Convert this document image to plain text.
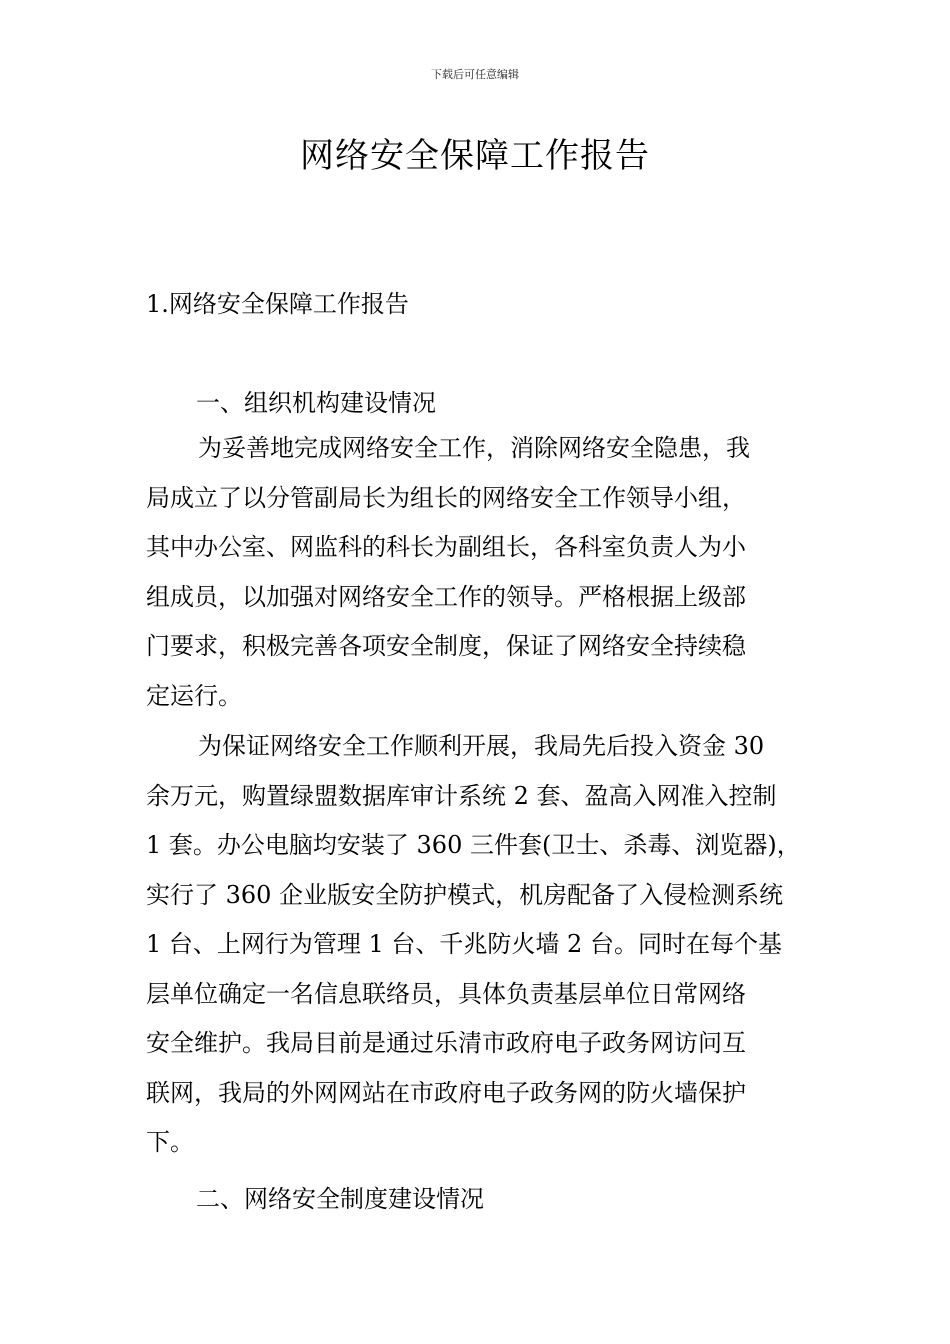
下载后可任意编辑
网络安全保障工作报告
1.网络安全保障工作报告
一、组织机构建设情况
为妥善地完成网络安全工作，消除网络安全隐患，我
局成立了以分管副局长为组长的网络安全工作领导小组，
其中办公室、网监科的科长为副组长，各科室负责人为小
组成员，以加强对网络安全工作的领导。严格根据上级部
门要求，积极完善各项安全制度，保证了网络安全持续稳
定运行。
为保证网络安全工作顺利开展，我局先后投入资金 30
余万元，购置绿盟数据库审计系统 2 套、盈高入网准入控制
1 套。办公电脑均安装了 360 三件套(卫士、杀毒、浏览器)，
实行了 360 企业版安全防护模式，机房配备了入侵检测系统
1 台、上网行为管理 1 台、千兆防火墙 2 台。同时在每个基
层单位确定一名信息联络员，具体负责基层单位日常网络
安全维护。我局目前是通过乐清市政府电子政务网访问互
联网，我局的外网网站在市政府电子政务网的防火墙保护
下。
二、网络安全制度建设情况
